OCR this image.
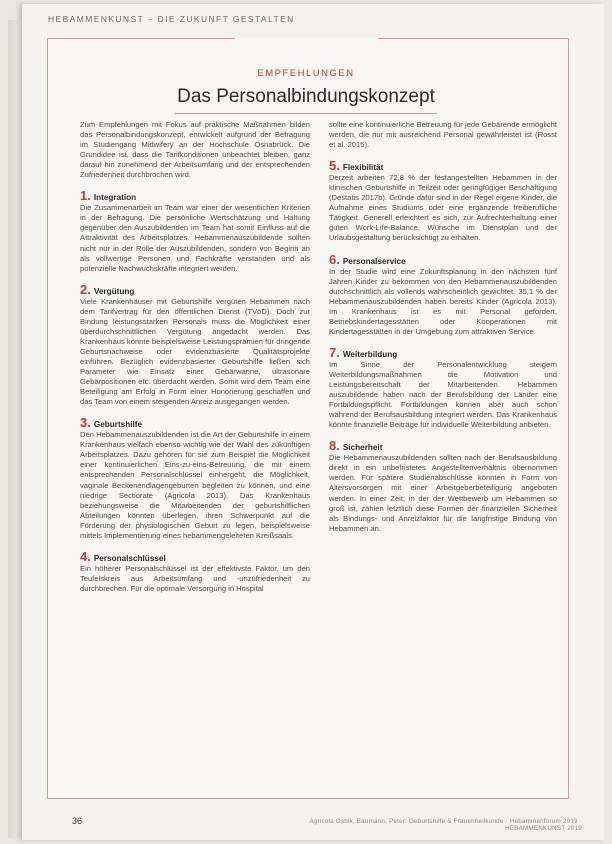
HEBAMMENKUNST – DIE ZUKUNFT GESTALTEN
EMPFEHLUNGEN
Das Personalbindungskonzept

Zum Empfehlungen mit Fokus auf praktische Maßnahmen bilden das Personalbindungskonzept, entwickelt aufgrund der Befragung im Studiengang Midwifery an der Hochschule Osnabrück. Die Grundidee ist, dass die Tarifkonditionen unbeachtet bleiben, ganz darauf hin zunehmend der Arbeitsumfang und der entsprechenden Zufriedenheit durchbrochen wird.

1. Integration

Die Zusammenarbeit im Team war einer der wesentlichen Kriterien in der Befragung. Die persönliche Wertschätzung und Haltung gegenüber den Auszubildenden im Team hat somit Einfluss auf die Attraktivität des Arbeitsplatzes. Hebammenauszubildende sollten nicht nur in der Rolle der Auszubildenden, sondern von Beginn an als vollwertige Personen und Fachkräfte verstanden und als potenzielle Nachwuchskräfte integriert werden.

2. Vergütung

Viele Krankenhäuser mit Geburtshilfe vergüten Hebammen nach dem Tarifvertrag für den öffentlichen Dienst (TVöD). Doch zur Bindung leistungsstarken Personals muss die Möglichkeit einer überdurchschnittlichen Vergütung angedacht werden. Das Krankenhaus könnte beispielsweise Leistungsprämien für dringende Geburtsnachweise oder evidenzbasierte Qualitätsprojekte einführen. Bezüglich evidenzbasierter Geburtshilfe ließen sich Parameter wie Einsatz einer Gebärwanne, ultrasonare Gebärpositionen etc. überdacht werden. Somit wird dem Team eine Beteiligung am Erfolg in Form einer Honorierung geschaffen und das Team von einem steigenden Anreiz ausgegangen werden.

3. Geburtshilfe

Den Hebammenauszubildenden ist die Art der Geburtshilfe in einem Krankenhaus vielfach ebenso wichtig wie der Wahl des zukünftigen Arbeitsplatzes. Dazu gehören für sie zum Beispiel die Möglichkeit einer kontinuierlichen Eins-zu-eins-Betreuung, die mit einem entsprechenden Personalschlüssel einhergeht, die Möglichkeit, vaginale Beckenendlagengeburten begleiten zu können, und eine niedrige Sectiorate (Agricola 2013). Das Krankenhaus beziehungsweise die Mitarbeitenden der geburtshilflichen Abteilungen könnten überlegen, ihren Schwerpunkt auf die Förderung der physiologischen Geburt zu legen, beispielsweise mittels Implementierung eines hebammengeleiteten Kreißsaals.

4. Personalschlüssel

Ein höherer Personalschlüssel ist der effektivste Faktor, um den Teufelskreis aus Arbeitsumfang und -unzufriedenheit zu durchbrechen. Für die optimale Versorgung in Hospital

sollte eine kontinuierliche Betreuung für jede Gebärende ermöglicht werden, die nur mit ausreichend Personal gewährleistet ist (Rosst et al. 2015).

5. Flexibilität

Derzeit arbeiten 72,8 % der festangestellten Hebammen in der klinischen Geburtshilfe in Teilzeit oder geringfügiger Beschäftigung (Destatis 2017b). Gründe dafür sind in der Regel eigene Kinder, die Aufnahme eines Studiums oder eine ergänzende freiberufliche Tätigkeit. Generell erleichtert es sich, zur Aufrechterhaltung einer guten Work-Life-Balance, Wünsche im Dienstplan und der Urlaubsgestaltung berücksichtigt zu erhalten.

6. Personalservice

In der Studie wird eine Zukunftsplanung in den nächsten fünf Jahren Kinder zu bekommen von den Hebammenauszubildenden durchschnittlich als vollends wahrscheinlich gewichtet. 35,1 % der Hebammenauszubildenden haben bereits Kinder (Agricola 2013). Im Krankenhaus ist es mit Personal gefordert, Betriebskindertagesstätten oder Kooperationen mit Kindertagesstätten in der Umgebung zum attraktiven Service.

7. Weiterbildung

Im Sinne der Personalentwicklung steigern Weiterbildungsmaßnahmen die Motivation und Leistungsbereitschaft der Mitarbeitenden. Hebammen auszubildende haben nach der Berufsbildung der Länder eine Fortbildungspflicht. Fortbildungen können aber auch schon während der Berufsausbildung integriert werden. Das Krankenhaus könnte finanzielle Beiträge für individuelle Weiterbildung anbieten.

8. Sicherheit

Die Hebammenauszubildenden sollten nach der Berufsausbildung direkt in ein unbefristetes Angestelltenverhältnis übernommen werden. Für spätere Studienabschlüsse könnten in Form von Altersvorsorgen mit einer Arbeitgeberbeteiligung angeboten werden. In einer Zeit, in der der Wettbewerb um Hebammen so groß ist, zählen letztlich diese Formen der finanziellen Sicherheit als Bindungs- und Anreizfaktor für die langfristige Bindung von Hebammen an.

36	Agricola Cabik, Baumann, Peter: Geburtshilfe & Frauenheilkunde · Hebammenforum 2019 · HEBAMMENKUNST 2019
